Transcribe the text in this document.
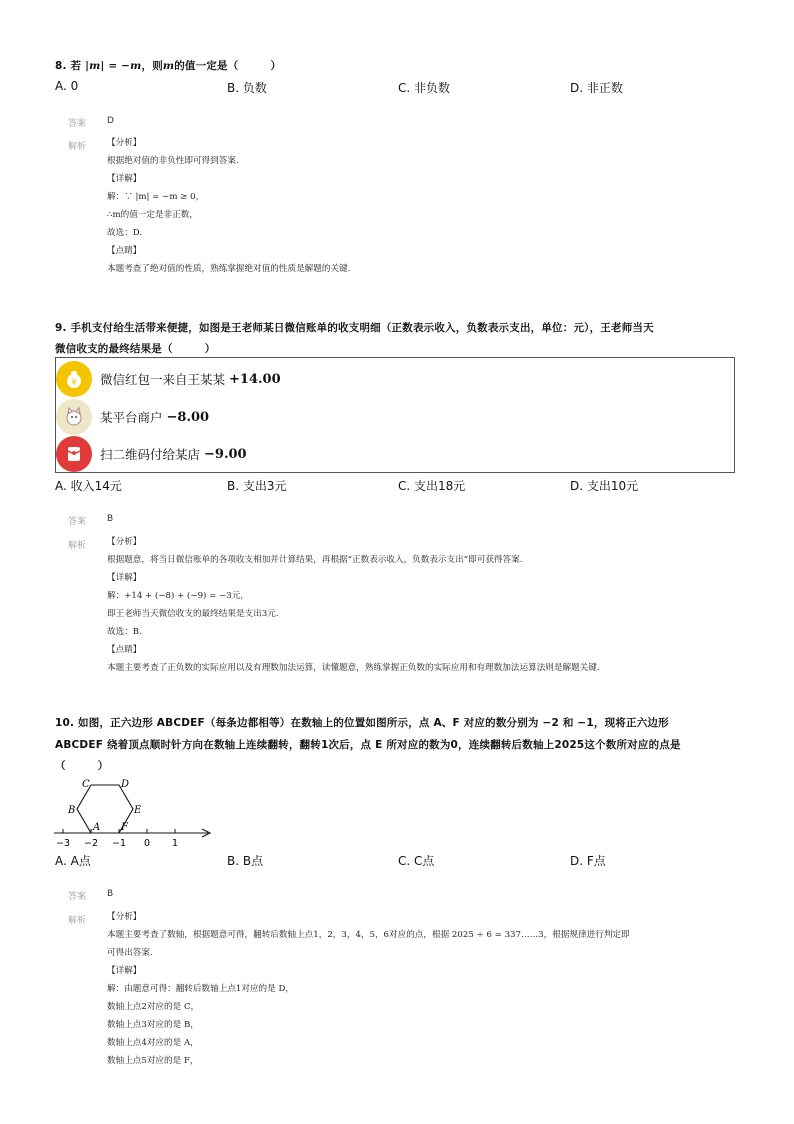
8. 若 |m| = −m，则m的值一定是（　　　）
A. 0	B. 负数	C. 非负数	D. 非正数
答案 D
解析 【分析】
根据绝对值的非负性即可得到答案.
【详解】
解：∵ |m| = −m ≥ 0，
∴m的值一定是非正数，
故选：D.
【点睛】
本题考查了绝对值的性质，熟练掌握绝对值的性质是解题的关键.
9. 手机支付给生活带来便捷，如图是王老师某日微信账单的收支明细（正数表示收入，负数表示支出，单位：元），王老师当天
微信收支的最终结果是（　　　）
¥ 微信红包一来自王某某 +14.00
某平台商户 −8.00
扫二维码付给某店 −9.00
A. 收入14元	B. 支出3元	C. 支出18元	D. 支出10元
答案 B
解析 【分析】
根据题意，将当日微信账单的各项收支相加并计算结果，再根据“正数表示收入，负数表示支出”即可获得答案.
【详解】
解：+14 + (−8) + (−9) = −3元，
即王老师当天微信收支的最终结果是支出3元.
故选：B.
【点睛】
本题主要考查了正负数的实际应用以及有理数加法运算，读懂题意，熟练掌握正负数的实际应用和有理数加法运算法则是解题关键.
10. 如图，正六边形 ABCDEF（每条边都相等）在数轴上的位置如图所示，点 A、F 对应的数分别为 −2 和 −1，现将正六边形
ABCDEF 绕着顶点顺时针方向在数轴上连续翻转，翻转1次后，点 E 所对应的数为0，连续翻转后数轴上2025这个数所对应的点是
（　　　）
A
B
C	D
E
F
−3 −2 −1 0 1
A. A点	B. B点	C. C点	D. F点
答案 B
解析 【分析】
本题主要考查了数轴，根据题意可得，翻转后数轴上点1，2，3，4，5，6对应的点，根据 2025 ÷ 6 = 337……3，根据规律进行判定即
可得出答案.
【详解】
解：由题意可得：翻转后数轴上点1对应的是 D，
数轴上点2对应的是 C，
数轴上点3对应的是 B，
数轴上点4对应的是 A，
数轴上点5对应的是 F，
